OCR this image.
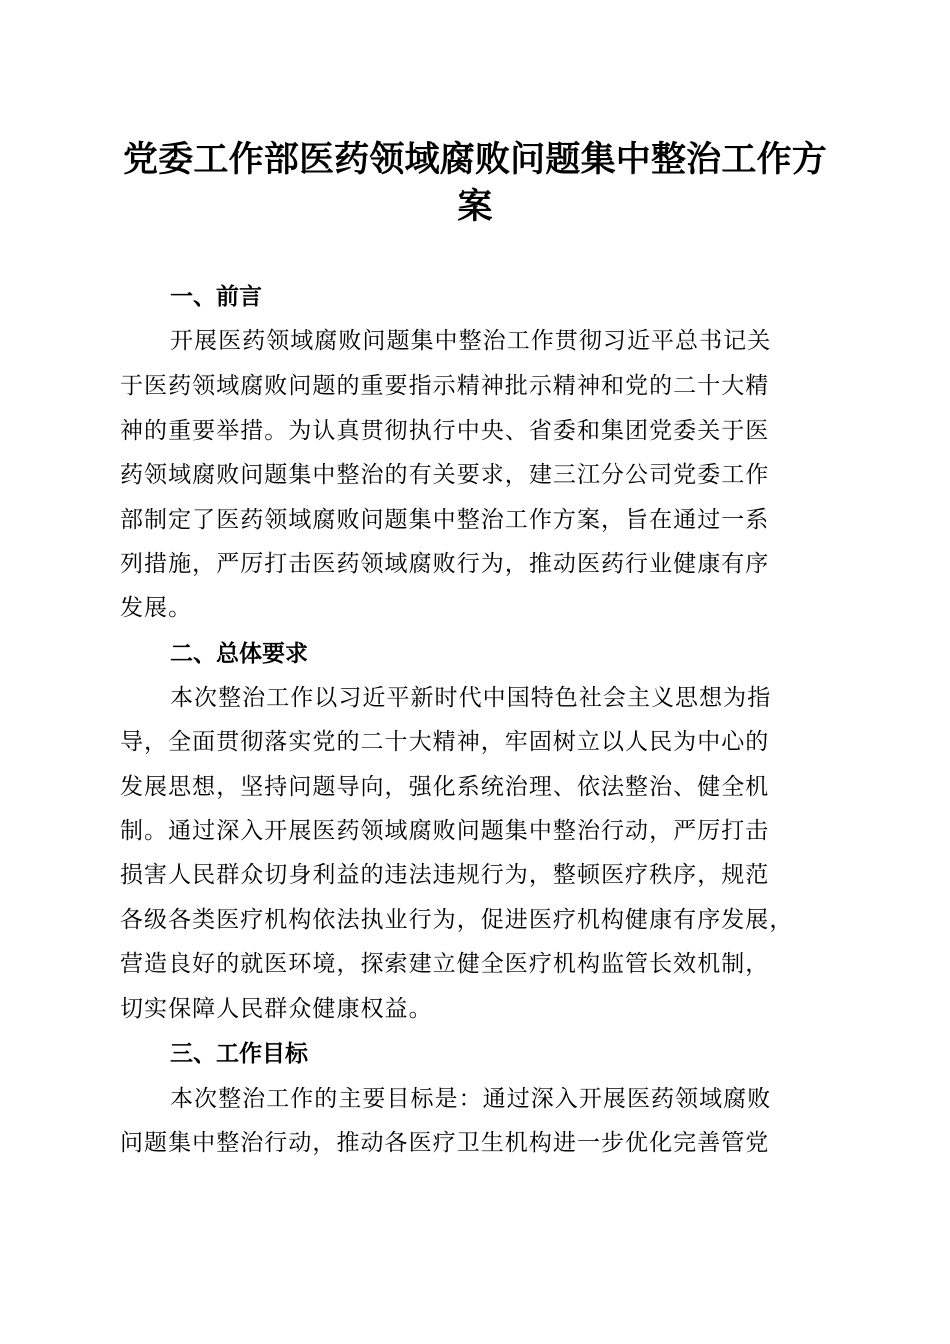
党委工作部医药领域腐败问题集中整治工作方
案
一、前言
开展医药领域腐败问题集中整治工作贯彻习近平总书记关
于医药领域腐败问题的重要指示精神批示精神和党的二十大精
神的重要举措。为认真贯彻执行中央、省委和集团党委关于医
药领域腐败问题集中整治的有关要求，建三江分公司党委工作
部制定了医药领域腐败问题集中整治工作方案，旨在通过一系
列措施，严厉打击医药领域腐败行为，推动医药行业健康有序
发展。
二、总体要求
本次整治工作以习近平新时代中国特色社会主义思想为指
导，全面贯彻落实党的二十大精神，牢固树立以人民为中心的
发展思想，坚持问题导向，强化系统治理、依法整治、健全机
制。通过深入开展医药领域腐败问题集中整治行动，严厉打击
损害人民群众切身利益的违法违规行为，整顿医疗秩序，规范
各级各类医疗机构依法执业行为，促进医疗机构健康有序发展，
营造良好的就医环境，探索建立健全医疗机构监管长效机制，
切实保障人民群众健康权益。
三、工作目标
本次整治工作的主要目标是：通过深入开展医药领域腐败
问题集中整治行动，推动各医疗卫生机构进一步优化完善管党
